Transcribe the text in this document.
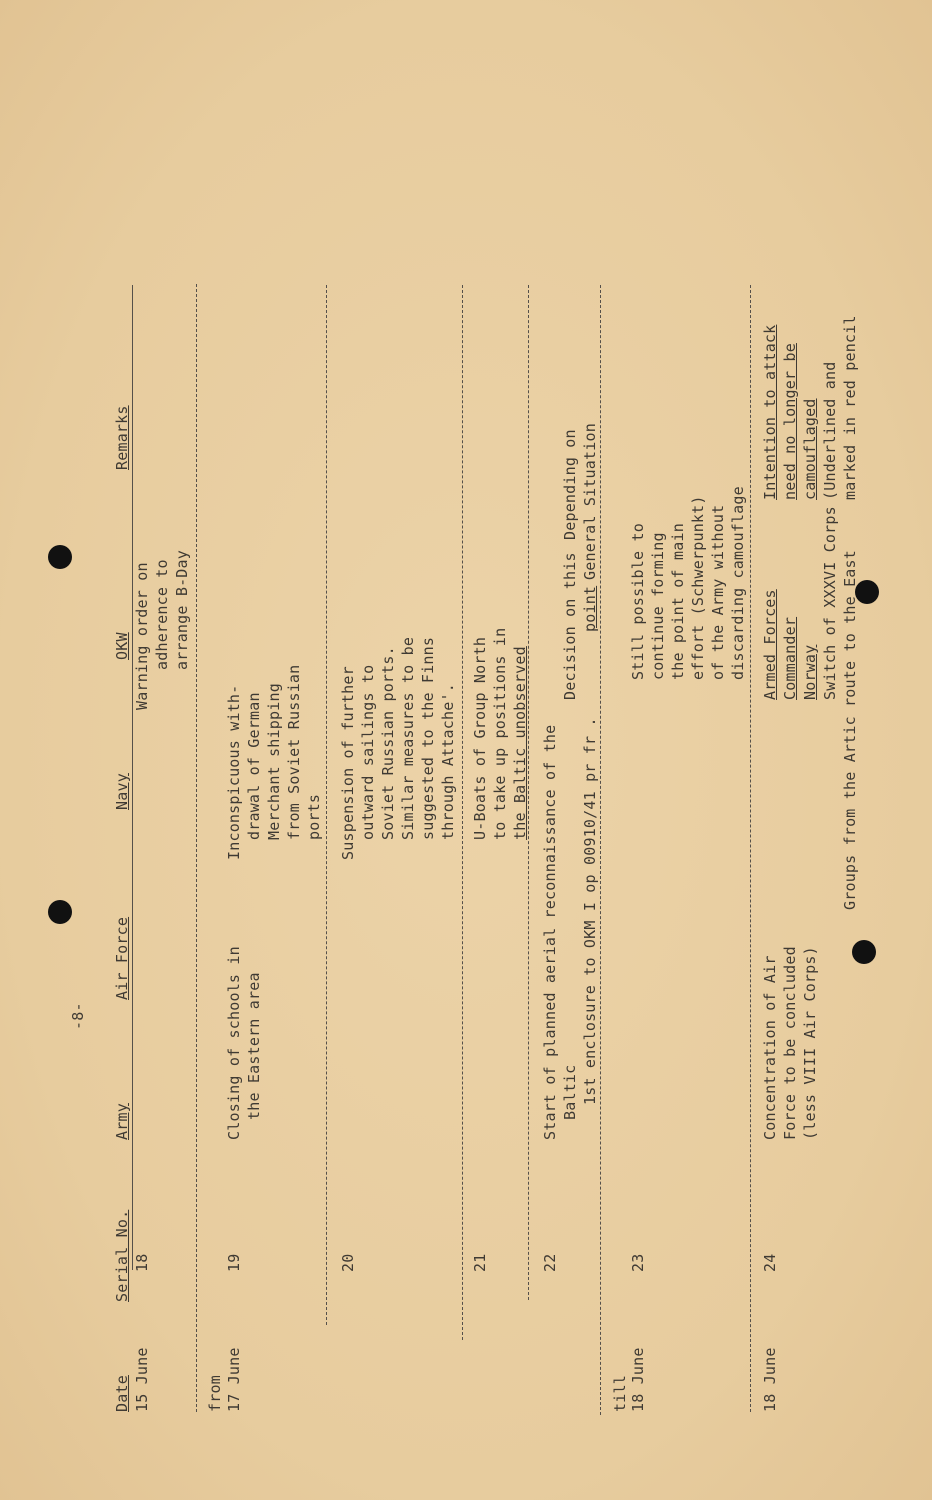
-8-
Date
Serial No.
Army
Air Force
Navy
OKW
Remarks
15 June
18
Warning order on adherence to arrange B-Day
from 17 June
19
Closing of schools in the Eastern area
Inconspicuous with- drawal of German Merchant shipping from Soviet Russian ports
20
Suspension of further outward sailings to Soviet Russian ports. Similar measures to be suggested to the Finns through Attache'.
21
U-Boats of Group North to take up positions in the Baltic unobserved
22
Start of planned aerial reconnaissance of the Baltic
Decision on this
1st enclosure to OKM I op 00910/41 pr fr .
point
Depending on General Situation
till 18 June
23
Still possible to continue forming the point of main effort (Schwerpunkt) of the Army without discarding camouflage
18 June
24
Concentration of Air Force to be concluded (less VIII Air Corps)
Armed Forces Commander Norway Switch of XXXVI Corps Groups from the Artic route to the East
Intention to attack need no longer be camouflaged (Underlined and marked in red pencil
